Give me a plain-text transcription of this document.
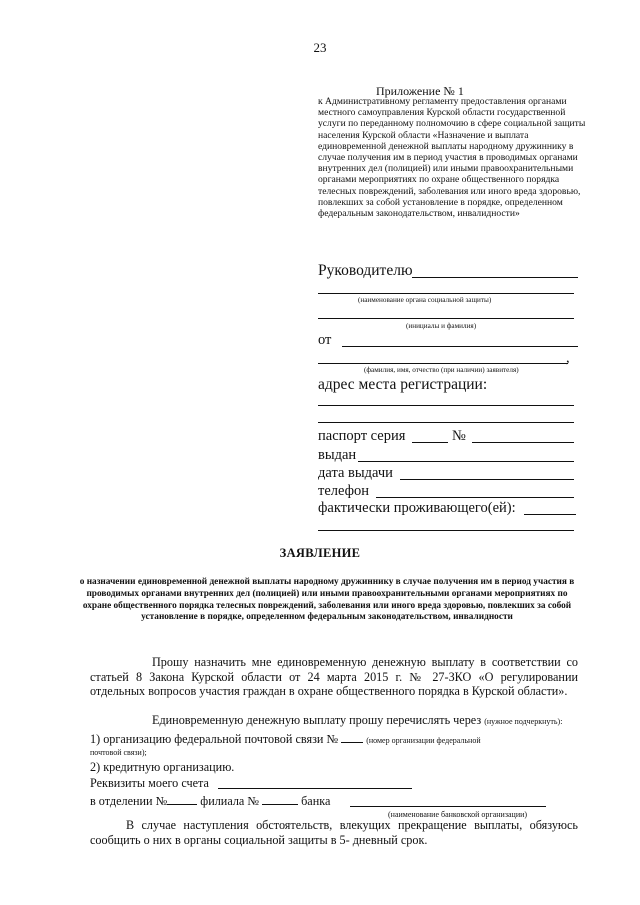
23
Приложение № 1
к Административному регламенту предоставления органами местного самоуправления Курской области государственной услуги по переданному полномочию в сфере социальной защиты населения Курской области «Назначение и выплата единовременной денежной выплаты народному дружиннику в случае получения им в период участия в проводимых органами внутренних дел (полицией) или иными правоохранительными органами мероприятиях по охране общественного порядка телесных повреждений, заболевания или иного вреда здоровью, повлекших за собой установление в порядке, определенном федеральным законодательством, инвалидности»
Руководителю
(наименование органа социальной защиты)
(инициалы и фамилия)
от
,
(фамилия, имя, отчество (при наличии) заявителя)
адрес места регистрации:
паспорт серия	№
выдан
дата выдачи
телефон
фактически проживающего(ей):
ЗАЯВЛЕНИЕ
о назначении единовременной денежной выплаты народному дружиннику в случае получения им в период участия в проводимых органами внутренних дел (полицией) или иными правоохранительными органами мероприятиях по охране общественного порядка телесных повреждений, заболевания или иного вреда здоровью, повлекших за собой установление в порядке, определенном федеральным законодательством, инвалидности
Прошу назначить мне единовременную денежную выплату в соответствии со статьей 8 Закона Курской области от 24 марта 2015 г. № 27-ЗКО «О регулировании отдельных вопросов участия граждан в охране общественного порядка в Курской области».
Единовременную денежную выплату прошу перечислять через (нужное подчеркнуть):
1) организацию федеральной почтовой связи №	(номер организации федеральной
почтовой связи);
2) кредитную организацию.
Реквизиты моего счета
в отделении №	филиала №	банка
(наименование банковской организации)
В случае наступления обстоятельств, влекущих прекращение выплаты, обязуюсь сообщить о них в органы социальной защиты в 5- дневный срок.
